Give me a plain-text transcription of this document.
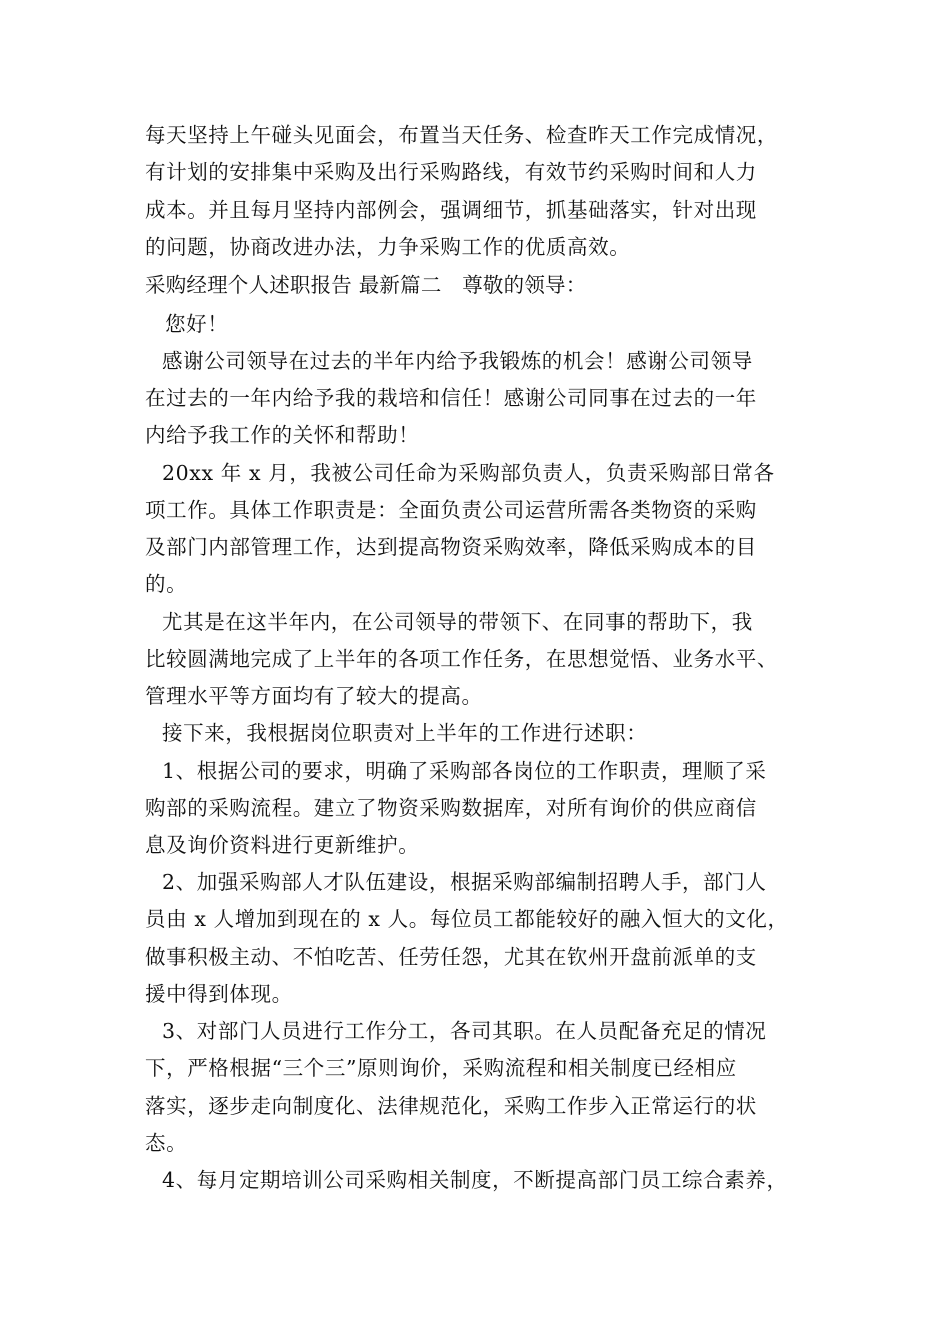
每天坚持上午碰头见面会，布置当天任务、检查昨天工作完成情况，
有计划的安排集中采购及出行采购路线，有效节约采购时间和人力
成本。并且每月坚持内部例会，强调细节，抓基础落实，针对出现
的问题，协商改进办法，力争采购工作的优质高效。
采购经理个人述职报告 最新篇二　尊敬的领导：
您好！
感谢公司领导在过去的半年内给予我锻炼的机会！感谢公司领导
在过去的一年内给予我的栽培和信任！感谢公司同事在过去的一年
内给予我工作的关怀和帮助！
20xx 年 x 月，我被公司任命为采购部负责人，负责采购部日常各
项工作。具体工作职责是：全面负责公司运营所需各类物资的采购
及部门内部管理工作，达到提高物资采购效率，降低采购成本的目
的。
尤其是在这半年内，在公司领导的带领下、在同事的帮助下，我
比较圆满地完成了上半年的各项工作任务，在思想觉悟、业务水平、
管理水平等方面均有了较大的提高。
接下来，我根据岗位职责对上半年的工作进行述职：
1、根据公司的要求，明确了采购部各岗位的工作职责，理顺了采
购部的采购流程。建立了物资采购数据库，对所有询价的供应商信
息及询价资料进行更新维护。
2、加强采购部人才队伍建设，根据采购部编制招聘人手，部门人
员由 x 人增加到现在的 x 人。每位员工都能较好的融入恒大的文化，
做事积极主动、不怕吃苦、任劳任怨，尤其在钦州开盘前派单的支
援中得到体现。
3、对部门人员进行工作分工，各司其职。在人员配备充足的情况
下，严格根据“三个三”原则询价，采购流程和相关制度已经相应
落实，逐步走向制度化、法律规范化，采购工作步入正常运行的状
态。
4、每月定期培训公司采购相关制度，不断提高部门员工综合素养，
